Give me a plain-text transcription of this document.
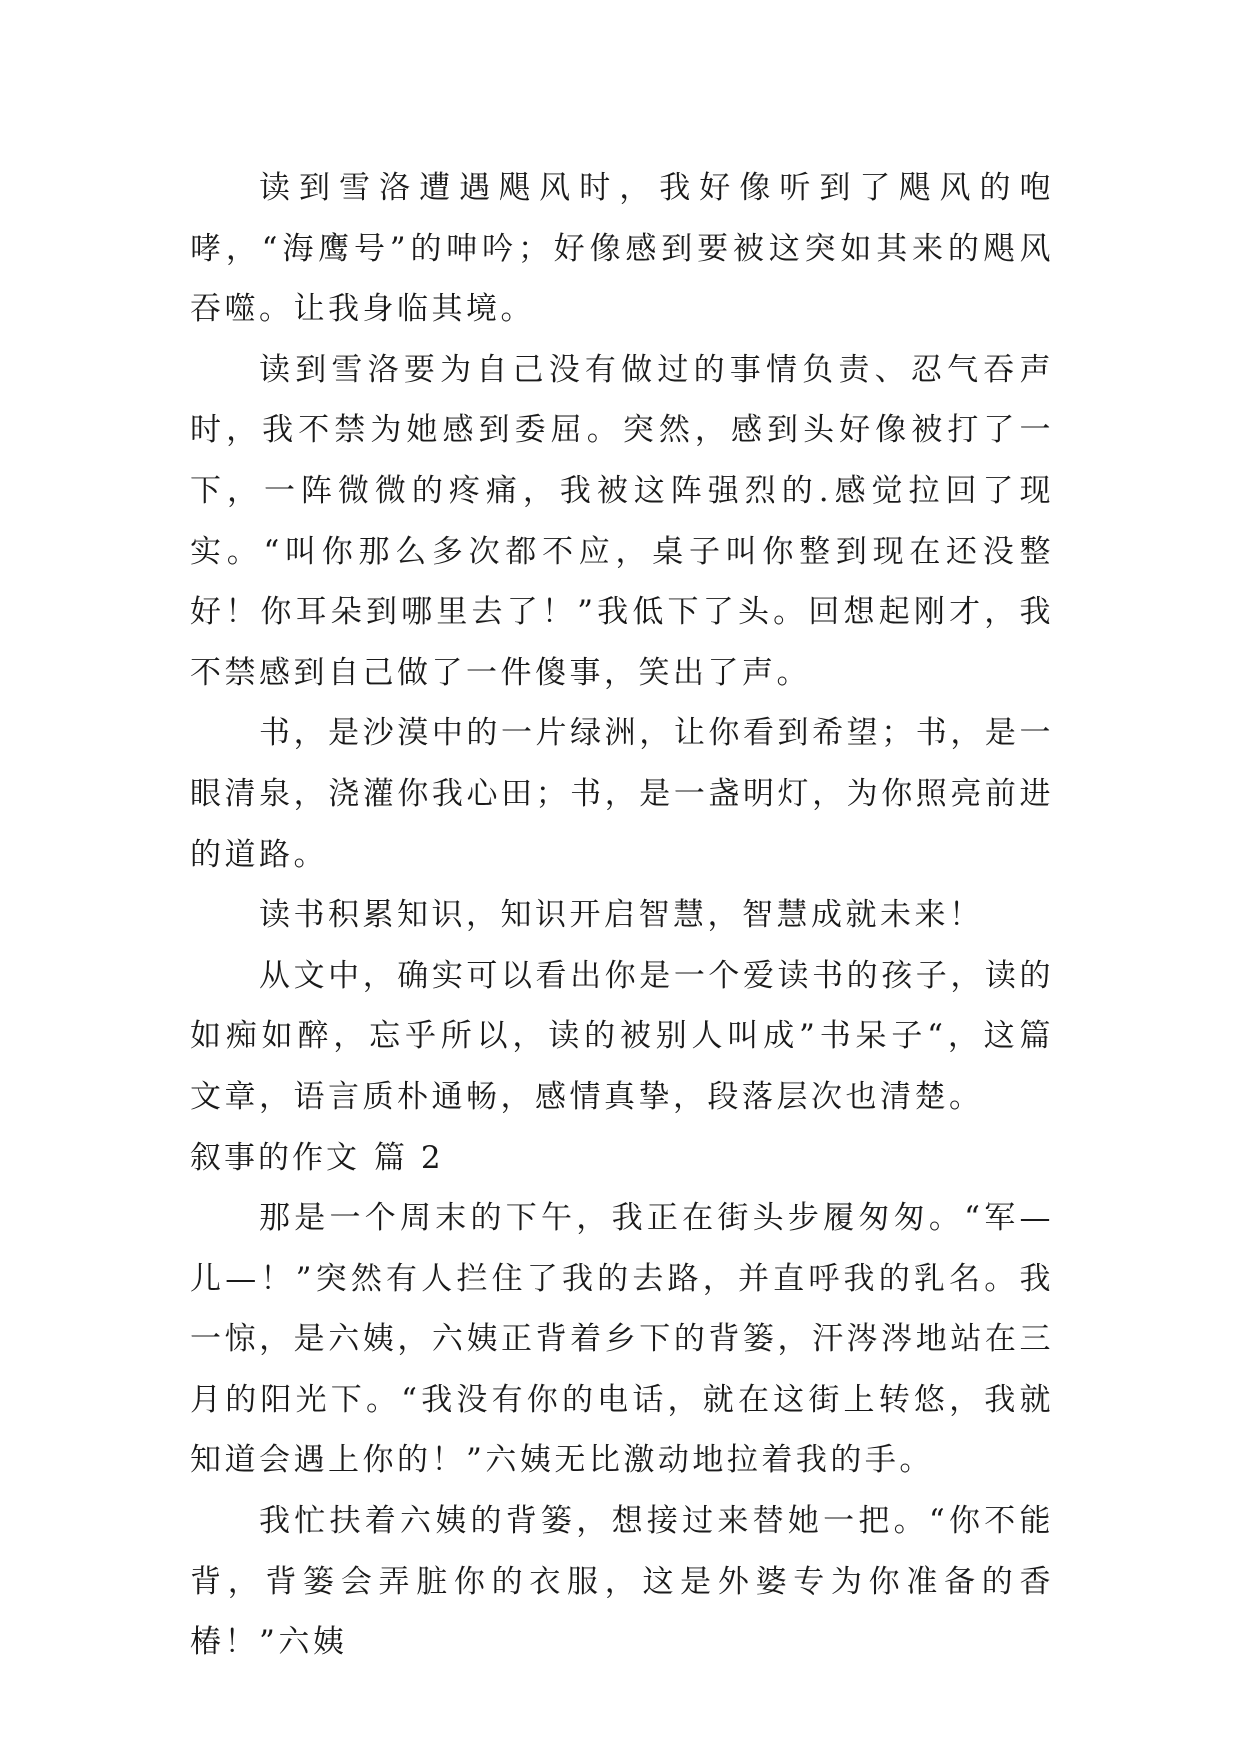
读到雪洛遭遇飓风时，我好像听到了飓风的咆哮，“海鹰号”的呻吟；好像感到要被这突如其来的飓风吞噬。让我身临其境。

读到雪洛要为自己没有做过的事情负责、忍气吞声时，我不禁为她感到委屈。突然，感到头好像被打了一下，一阵微微的疼痛，我被这阵强烈的.感觉拉回了现实。“叫你那么多次都不应，桌子叫你整到现在还没整好！你耳朵到哪里去了！”我低下了头。回想起刚才，我不禁感到自己做了一件傻事，笑出了声。

书，是沙漠中的一片绿洲，让你看到希望；书，是一眼清泉，浇灌你我心田；书，是一盏明灯，为你照亮前进的道路。

读书积累知识，知识开启智慧，智慧成就未来！

从文中，确实可以看出你是一个爱读书的孩子，读的如痴如醉，忘乎所以，读的被别人叫成”书呆子“，这篇文章，语言质朴通畅，感情真挚，段落层次也清楚。

叙事的作文 篇 2

那是一个周末的下午，我正在街头步履匆匆。“军—儿—！”突然有人拦住了我的去路，并直呼我的乳名。我一惊，是六姨，六姨正背着乡下的背篓，汗涔涔地站在三月的阳光下。“我没有你的电话，就在这街上转悠，我就知道会遇上你的！”六姨无比激动地拉着我的手。

我忙扶着六姨的背篓，想接过来替她一把。“你不能背，背篓会弄脏你的衣服，这是外婆专为你准备的香椿！”六姨
